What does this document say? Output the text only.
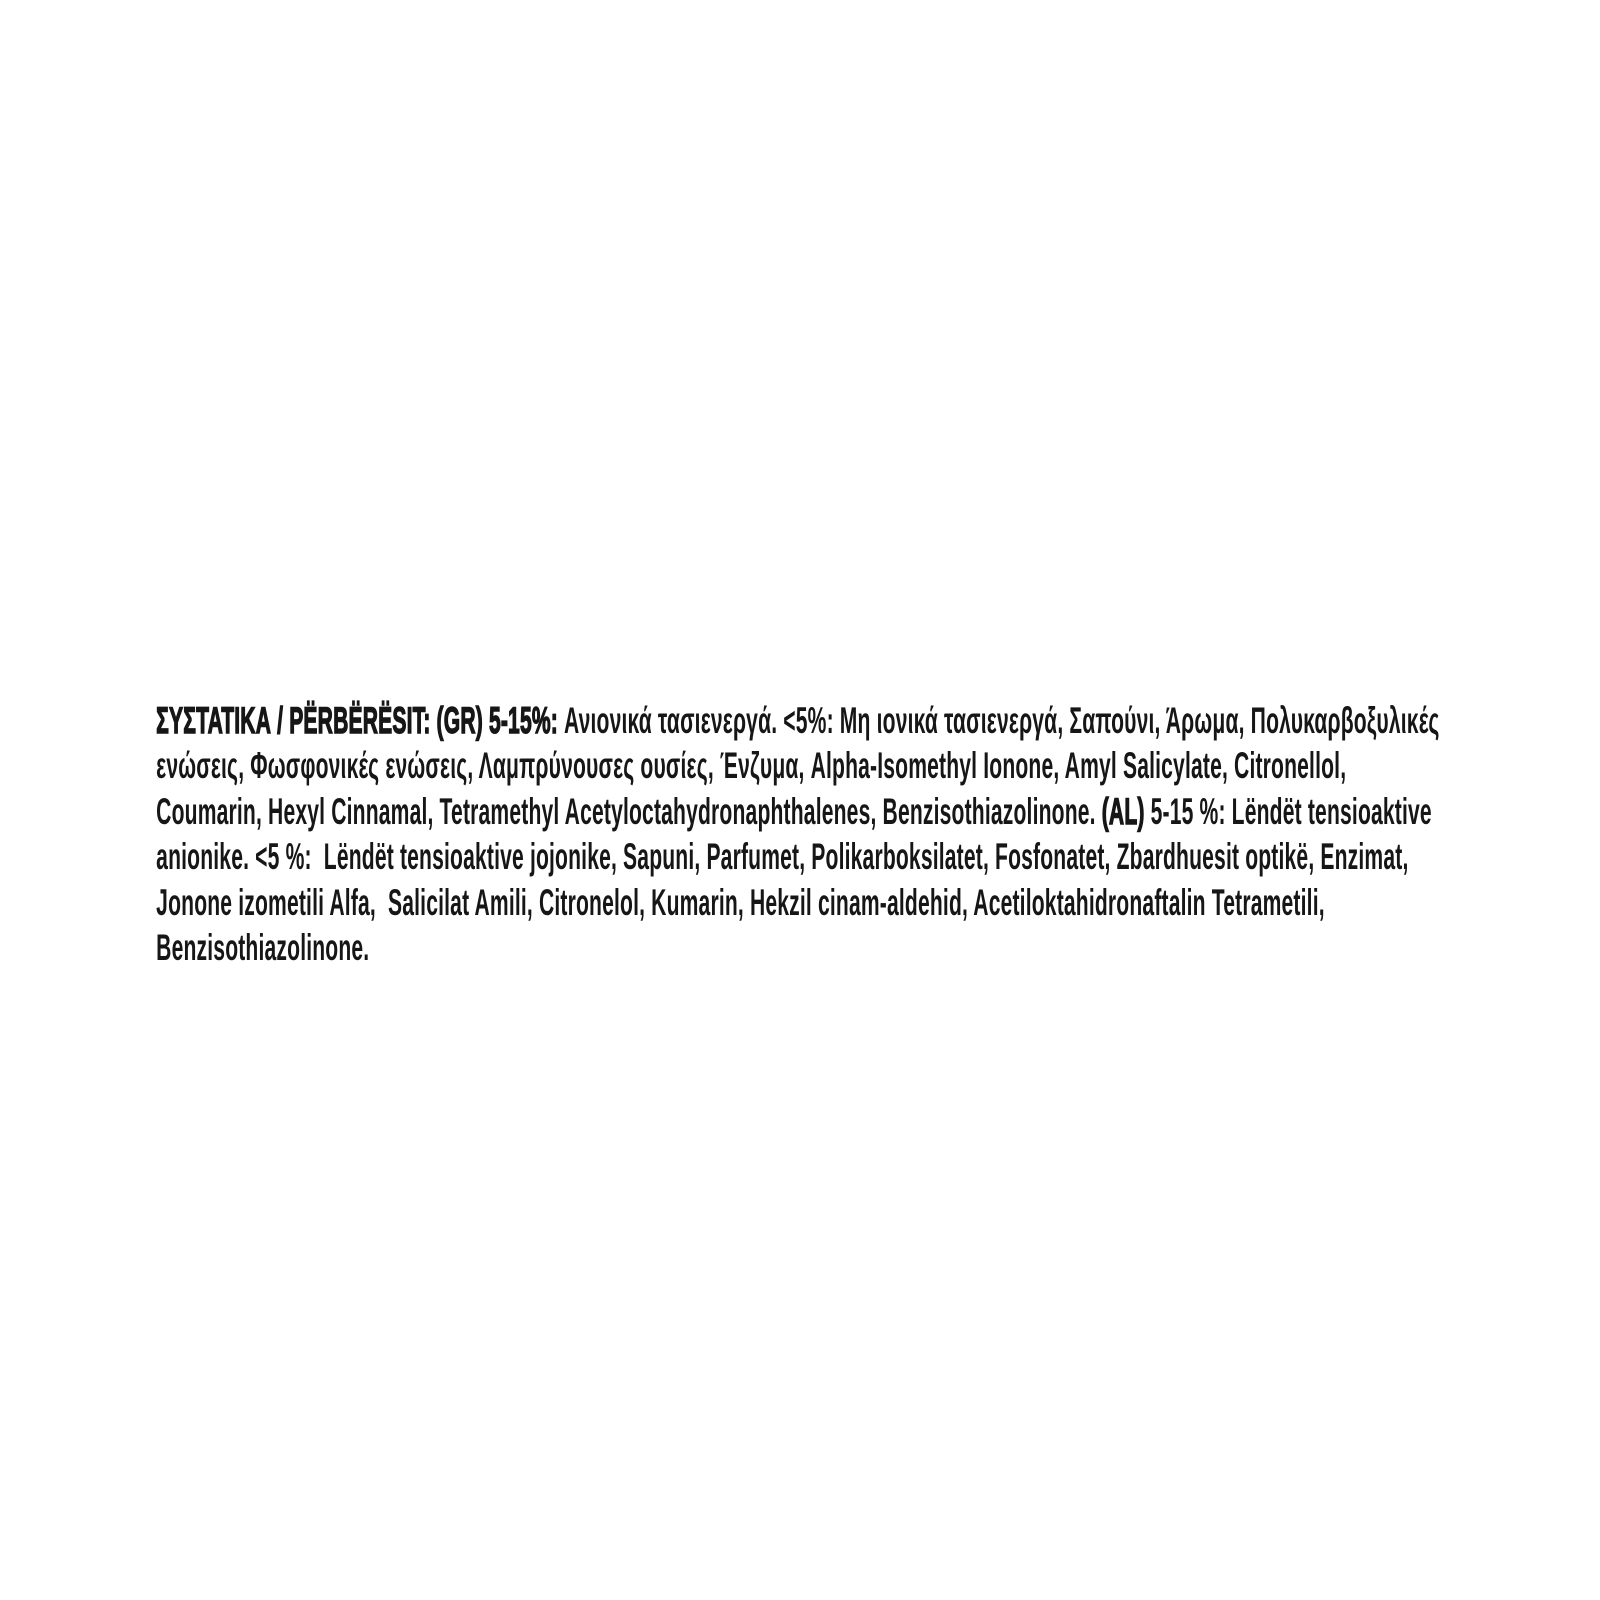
ΣΥΣΤΑΤΙΚΑ / PËRBËRËSIT: (GR) 5-15%: Ανιονικά τασιενεργά. <5%: Μη ιονικά τασιενεργά, Σαπούνι, Άρωμα, Πολυκαρβοξυλικές

ενώσεις, Φωσφονικές ενώσεις, Λαμπρύνουσες ουσίες, Ένζυμα, Alpha-Isomethyl Ionone, Amyl Salicylate, Citronellol,

Coumarin, Hexyl Cinnamal, Tetramethyl Acetyloctahydronaphthalenes, Benzisothiazolinone. (AL) 5-15 %: Lëndët tensioaktive

anionike. <5 %:  Lëndët tensioaktive jojonike, Sapuni, Parfumet, Polikarboksilatet, Fosfonatet, Zbardhuesit optikë, Enzimat,

Jonone izometili Alfa,  Salicilat Amili, Citronelol, Kumarin, Hekzil cinam-aldehid, Acetiloktahidronaftalin Tetrametili,

Benzisothiazolinone.
